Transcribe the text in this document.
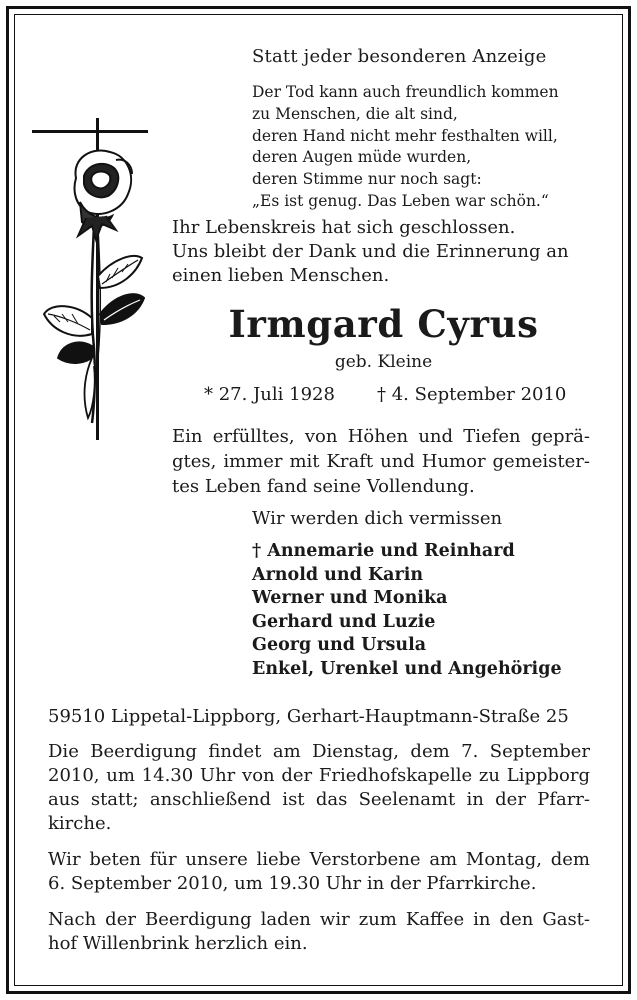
Statt jeder besonderen Anzeige

Der Tod kann auch freundlich kommen
zu Menschen, die alt sind,
deren Hand nicht mehr festhalten will,
deren Augen müde wurden,
deren Stimme nur noch sagt:
„Es ist genug. Das Leben war schön.“
Ihr Lebenskreis hat sich geschlossen.
Uns bleibt der Dank und die Erinnerung an
einen lieben Menschen.

Irmgard Cyrus

geb. Kleine

* 27. Juli 1928 † 4. September 2010

Ein erfülltes, von Höhen und Tiefen geprä-
gtes, immer mit Kraft und Humor gemeister-
tes Leben fand seine Vollendung.

Wir werden dich vermissen

† Annemarie und Reinhard
Arnold und Karin
Werner und Monika
Gerhard und Luzie
Georg und Ursula
Enkel, Urenkel und Angehörige

59510 Lippetal-Lippborg, Gerhart-Hauptmann-Straße 25

Die Beerdigung findet am Dienstag, dem 7. September
2010, um 14.30 Uhr von der Friedhofskapelle zu Lippborg
aus statt; anschließend ist das Seelenamt in der Pfarr-
kirche.
Wir beten für unsere liebe Verstorbene am Montag, dem
6. September 2010, um 19.30 Uhr in der Pfarrkirche.
Nach der Beerdigung laden wir zum Kaffee in den Gast-
hof Willenbrink herzlich ein.
